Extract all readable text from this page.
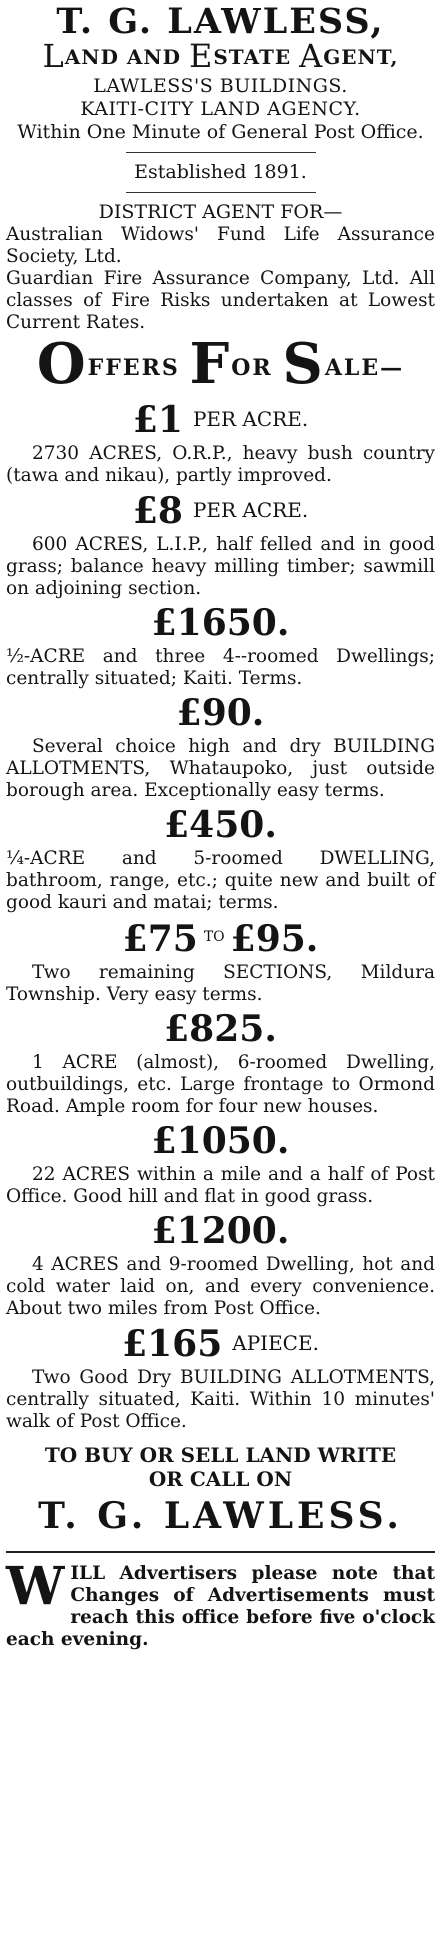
T. G. LAWLESS,
LAND AND ESTATE AGENT,
LAWLESS'S BUILDINGS.
KAITI-CITY LAND AGENCY.
Within One Minute of General Post Office.
Established 1891.
DISTRICT AGENT FOR—
Australian Widows' Fund Life Assurance Society, Ltd.
Guardian Fire Assurance Company, Ltd. All classes of Fire Risks undertaken at Lowest Current Rates.
OFFERS FOR SALE—
£1 PER ACRE.
2730 ACRES, O.R.P., heavy bush country (tawa and nikau), partly improved.
£8 PER ACRE.
600 ACRES, L.I.P., half felled and in good grass; balance heavy milling timber; sawmill on adjoining section.
£1650.
½-ACRE and three 4--roomed Dwellings; centrally situated; Kaiti. Terms.
£90.
Several choice high and dry BUILDING ALLOTMENTS, Whataupoko, just outside borough area. Exceptionally easy terms.
£450.
¼-ACRE and 5-roomed DWELLING, bathroom, range, etc.; quite new and built of good kauri and matai; terms.
£75 $^{TO}$ £95.
Two remaining SECTIONS, Mildura Township. Very easy terms.
£825.
1 ACRE (almost), 6-roomed Dwelling, outbuildings, etc. Large frontage to Ormond Road. Ample room for four new houses.
£1050.
22 ACRES within a mile and a half of Post Office. Good hill and flat in good grass.
£1200.
4 ACRES and 9-roomed Dwelling, hot and cold water laid on, and every convenience. About two miles from Post Office.
£165 APIECE.
Two Good Dry BUILDING ALLOTMENTS, centrally situated, Kaiti. Within 10 minutes' walk of Post Office.
TO BUY OR SELL LAND WRITE
OR CALL ON
T. G. LAWLESS.
WILL Advertisers please note that Changes of Advertisements must reach this office before five o'clock each evening.
